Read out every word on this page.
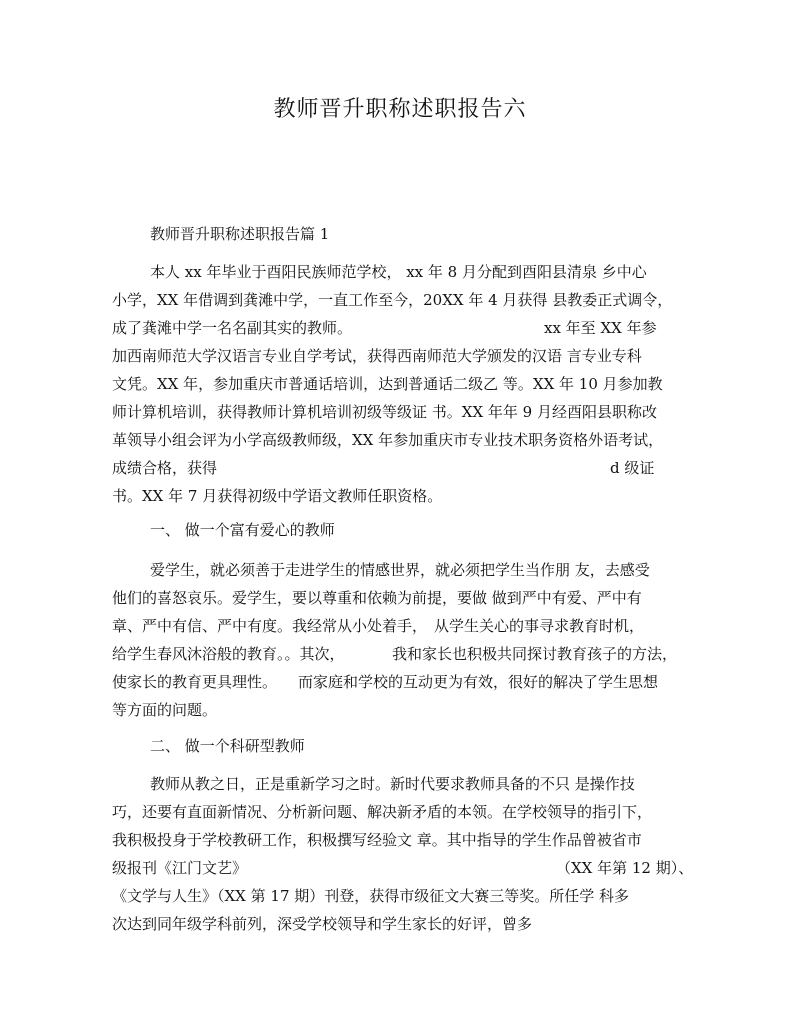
教师晋升职称述职报告六
教师晋升职称述职报告篇 1
本人 xx 年毕业于酉阳民族师范学校， xx 年 8 月分配到酉阳县清泉 乡中心
小学，XX 年借调到龚滩中学，一直工作至今，20XX 年 4 月获得 县教委正式调令，
成了龚滩中学一名名副其实的教师。	xx 年至 XX 年参
加西南师范大学汉语言专业自学考试，获得西南师范大学颁发的汉语 言专业专科
文凭。XX 年，参加重庆市普通话培训，达到普通话二级乙 等。XX 年 10 月参加教
师计算机培训，获得教师计算机培训初级等级证 书。XX 年年 9 月经酉阳县职称改
革领导小组会评为小学高级教师级，XX 年参加重庆市专业技术职务资格外语考试，
成绩合格，获得	d 级证
书。XX 年 7 月获得初级中学语文教师任职资格。
一、 做一个富有爱心的教师
爱学生，就必须善于走进学生的情感世界，就必须把学生当作朋 友，去感受
他们的喜怒哀乐。爱学生，要以尊重和依赖为前提，要做 做到严中有爱、严中有
章、严中有信、严中有度。我经常从小处着手， 从学生关心的事寻求教育时机，
给学生春风沐浴般的教育。。其次，	我和家长也积极共同探讨教育孩子的方法，
使家长的教育更具理性。 而家庭和学校的互动更为有效，很好的解决了学生思想
等方面的问题。
二、 做一个科研型教师
教师从教之日，正是重新学习之时。新时代要求教师具备的不只 是操作技
巧，还要有直面新情况、分析新问题、解决新矛盾的本领。在学校领导的指引下，
我积极投身于学校教研工作，积极撰写经验文 章。其中指导的学生作品曾被省市
级报刊《江门文艺》	（XX 年第 12 期）、
《文学与人生》（XX 第 17 期）刊登，获得市级征文大赛三等奖。所任学 科多
次达到同年级学科前列，深受学校领导和学生家长的好评，曾多
